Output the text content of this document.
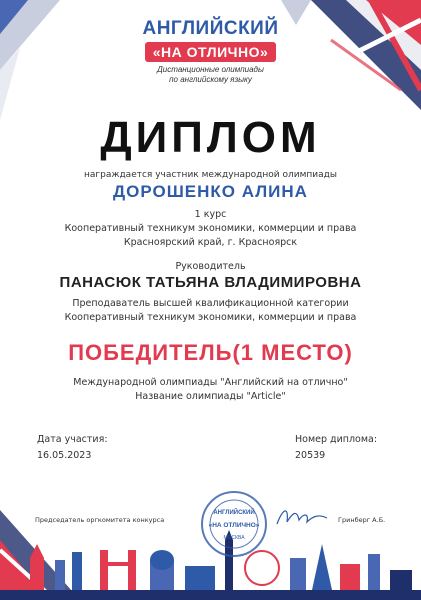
АНГЛИЙСКИЙ
«НА ОТЛИЧНО»
Дистанционные олимпиады
по английскому языку
ДИПЛОМ
награждается участник международной олимпиады
ДОРОШЕНКО АЛИНА
1 курс
Кооперативный техникум экономики, коммерции и права
Красноярский край, г. Красноярск
Руководитель
ПАНАСЮК ТАТЬЯНА ВЛАДИМИРОВНА
Преподаватель высшей квалификационной категории
Кооперативный техникум экономики, коммерции и права
ПОБЕДИТЕЛЬ(1 МЕСТО)
Международной олимпиады "Английский на отлично"
Название олимпиады "Article"
Дата участия:
16.05.2023
Номер диплома:
20539
Председатель оргкомитета конкурса
АНГЛИЙСКИЙ
«НА ОТЛИЧНО»
МОСКВА
Гринберг А.Б.
